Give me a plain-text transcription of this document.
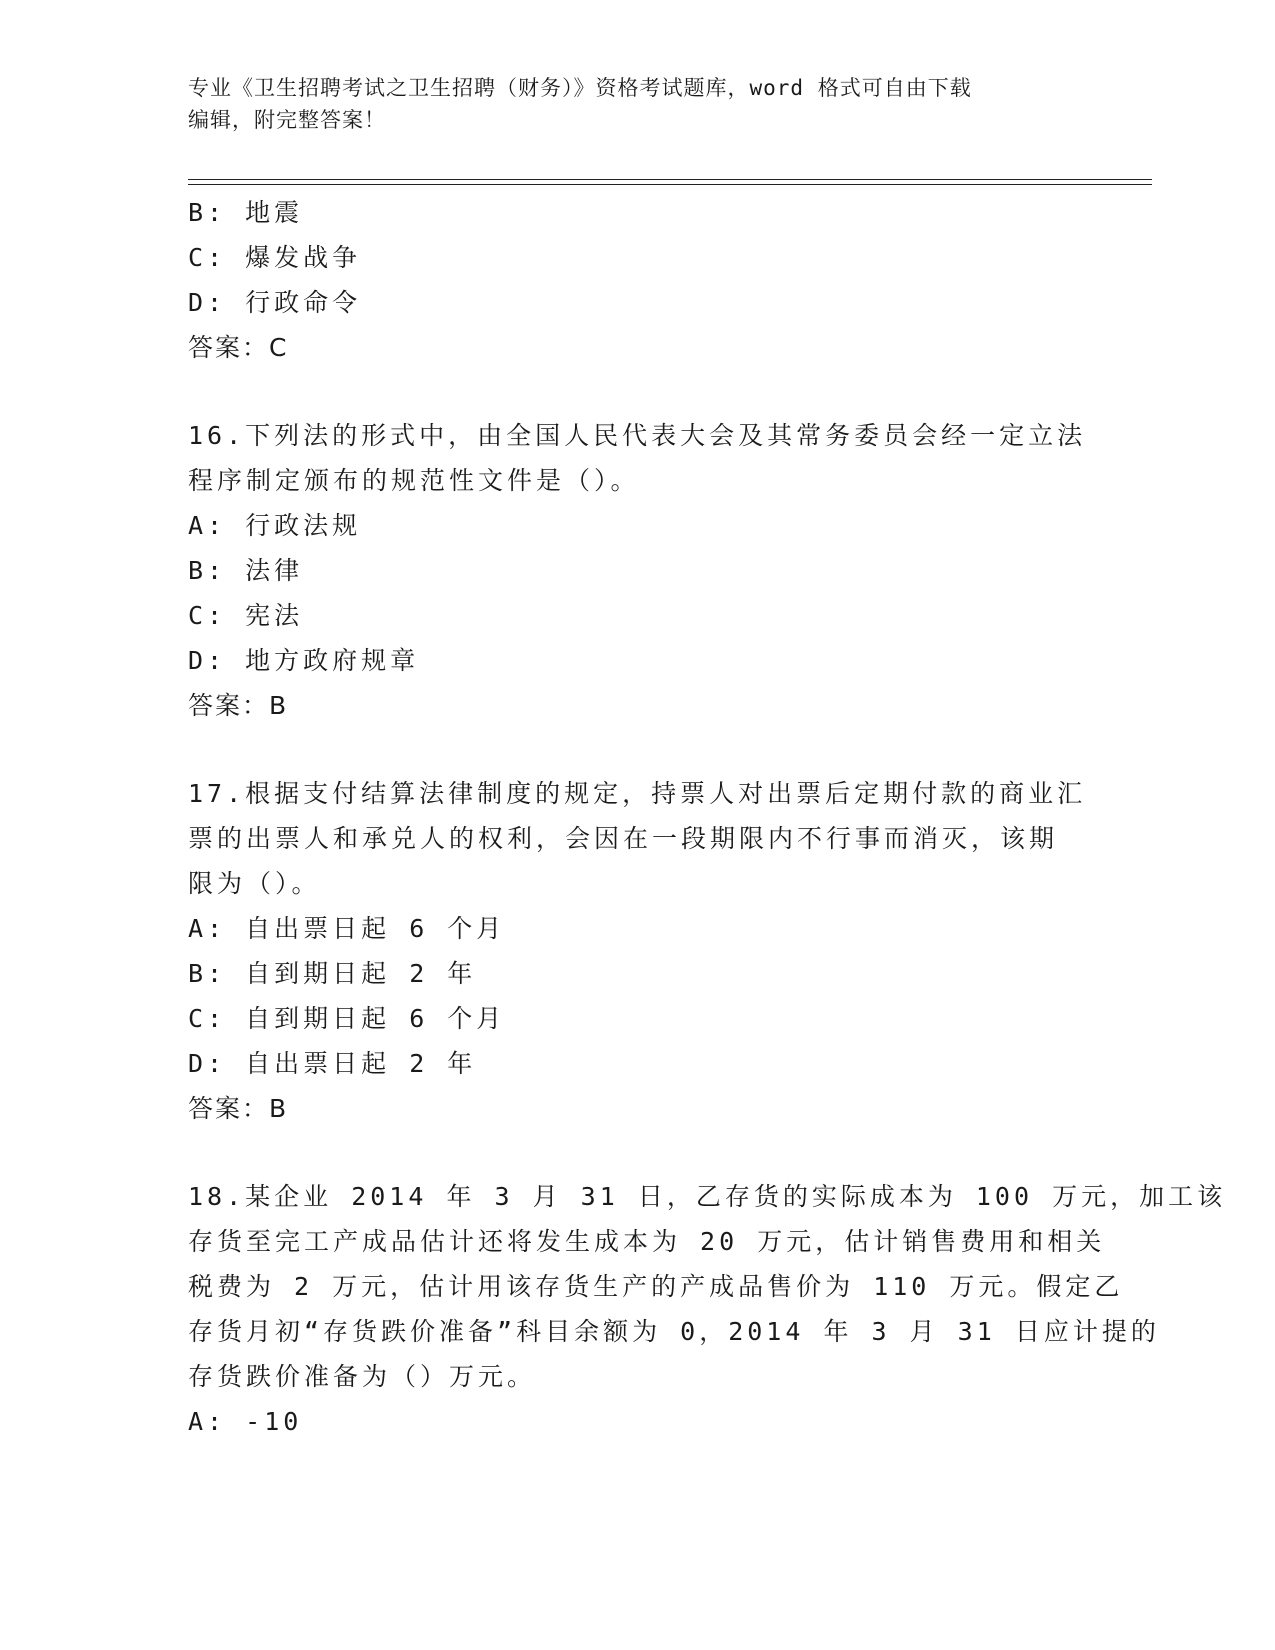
专业《卫生招聘考试之卫生招聘（财务）》资格考试题库，word 格式可自由下载
编辑，附完整答案！
B: 地震
C: 爆发战争
D: 行政命令
答案：C
16.下列法的形式中，由全国人民代表大会及其常务委员会经一定立法
程序制定颁布的规范性文件是（）。
A: 行政法规
B: 法律
C: 宪法
D: 地方政府规章
答案：B
17.根据支付结算法律制度的规定，持票人对出票后定期付款的商业汇
票的出票人和承兑人的权利，会因在一段期限内不行事而消灭，该期
限为（）。
A: 自出票日起 6 个月
B: 自到期日起 2 年
C: 自到期日起 6 个月
D: 自出票日起 2 年
答案：B
18.某企业 2014 年 3 月 31 日，乙存货的实际成本为 100 万元，加工该
存货至完工产成品估计还将发生成本为 20 万元，估计销售费用和相关
税费为 2 万元，估计用该存货生产的产成品售价为 110 万元。假定乙
存货月初“存货跌价准备”科目余额为 0，2014 年 3 月 31 日应计提的
存货跌价准备为（）万元。
A: -10
